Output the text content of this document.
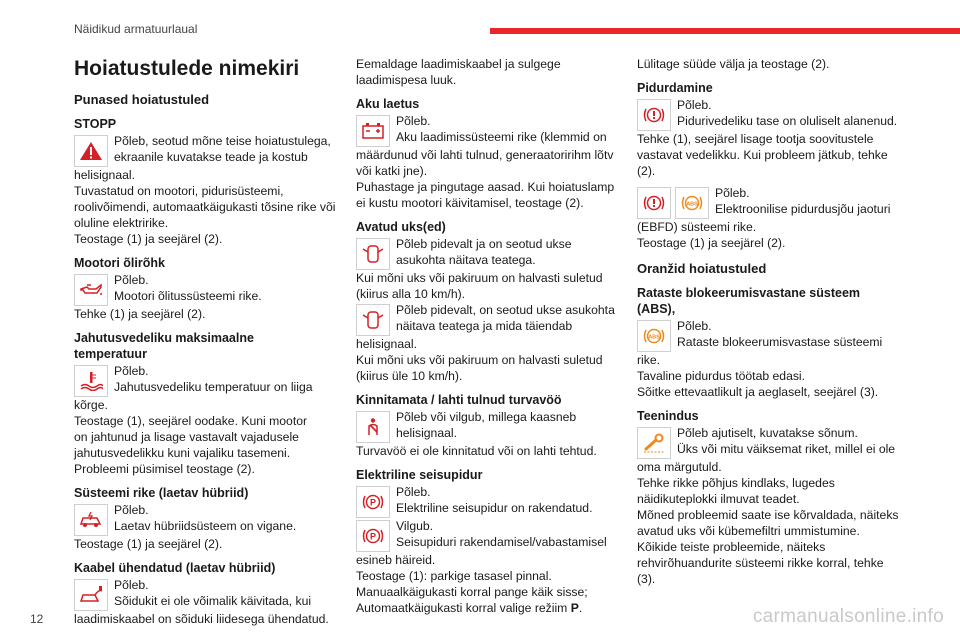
Näidikud armatuurlaual
Hoiatustulede nimekiri
Punased hoiatustuled
STOPP

Põleb, seotud mõne teise hoiatustulega,

ekraanile kuvatakse teade ja kostub

helisignaal.

Tuvastatud on mootori, pidurisüsteemi,

roolivõimendi, automaatkäigukasti tõsine rike või

oluline elektririke.

Teostage (1) ja seejärel (2).

Mootori õlirõhk

Põleb.

Mootori õlitussüsteemi rike.

Tehke (1) ja seejärel (2).

Jahutusvedeliku maksimaalne
temperatuur

Põleb.

Jahutusvedeliku temperatuur on liiga

kõrge.

Teostage (1), seejärel oodake. Kuni mootor

on jahtunud ja lisage vastavalt vajadusele

jahutusvedelikku kuni vajaliku tasemeni.

Probleemi püsimisel teostage (2).

Süsteemi rike (laetav hübriid)

Põleb.

Laetav hübriidsüsteem on vigane.

Teostage (1) ja seejärel (2).

Kaabel ühendatud (laetav hübriid)

Põleb.

Sõidukit ei ole võimalik käivitada, kui

laadimiskaabel on sõiduki liidesega ühendatud.

Eemaldage laadimiskaabel ja sulgege

laadimispesa luuk.

Aku laetus

Põleb.

Aku laadimissüsteemi rike (klemmid on

määrdunud või lahti tulnud, generaatoririhm lõtv

või katki jne).

Puhastage ja pingutage aasad. Kui hoiatuslamp

ei kustu mootori käivitamisel, teostage (2).

Avatud uks(ed)

Põleb pidevalt ja on seotud ukse

asukohta näitava teatega.

Kui mõni uks või pakiruum on halvasti suletud

(kiirus alla 10 km/h).

Põleb pidevalt, on seotud ukse asukohta

näitava teatega ja mida täiendab

helisignaal.

Kui mõni uks või pakiruum on halvasti suletud

(kiirus üle 10 km/h).

Kinnitamata / lahti tulnud turvavöö

Põleb või vilgub, millega kaasneb

helisignaal.

Turvavöö ei ole kinnitatud või on lahti tehtud.

Elektriline seisupidur
P

Põleb.

Elektriline seisupidur on rakendatud.

P

Vilgub.

Seisupiduri rakendamisel/vabastamisel

esineb häireid.

Teostage (1): parkige tasasel pinnal.

Manuaalkäigukasti korral pange käik sisse;

Automaatkäigukasti korral valige režiim P.

Lülitage süüde välja ja teostage (2).

Pidurdamine

Põleb.

Pidurivedeliku tase on oluliselt alanenud.

Tehke (1), seejärel lisage tootja soovitustele

vastavat vedelikku. Kui probleem jätkub, tehke

(2).

ABS

Põleb.

Elektroonilise pidurdusjõu jaoturi

(EBFD) süsteemi rike.

Teostage (1) ja seejärel (2).

Oranžid hoiatustuled
Rataste blokeerumisvastane süsteem
(ABS),
ABS

Põleb.

Rataste blokeerumisvastase süsteemi

rike.

Tavaline pidurdus töötab edasi.

Sõitke ettevaatlikult ja aeglaselt, seejärel (3).

Teenindus

Põleb ajutiselt, kuvatakse sõnum.

Üks või mitu väiksemat riket, millel ei ole

oma märgutuld.

Tehke rikke põhjus kindlaks, lugedes

näidikuteplokki ilmuvat teadet.

Mõned probleemid saate ise kõrvaldada, näiteks

avatud uks või kübemefiltri ummistumine.

Kõikide teiste probleemide, näiteks

rehvirõhuandurite süsteemi rikke korral, tehke

(3).

12	carmanualsonline.info
